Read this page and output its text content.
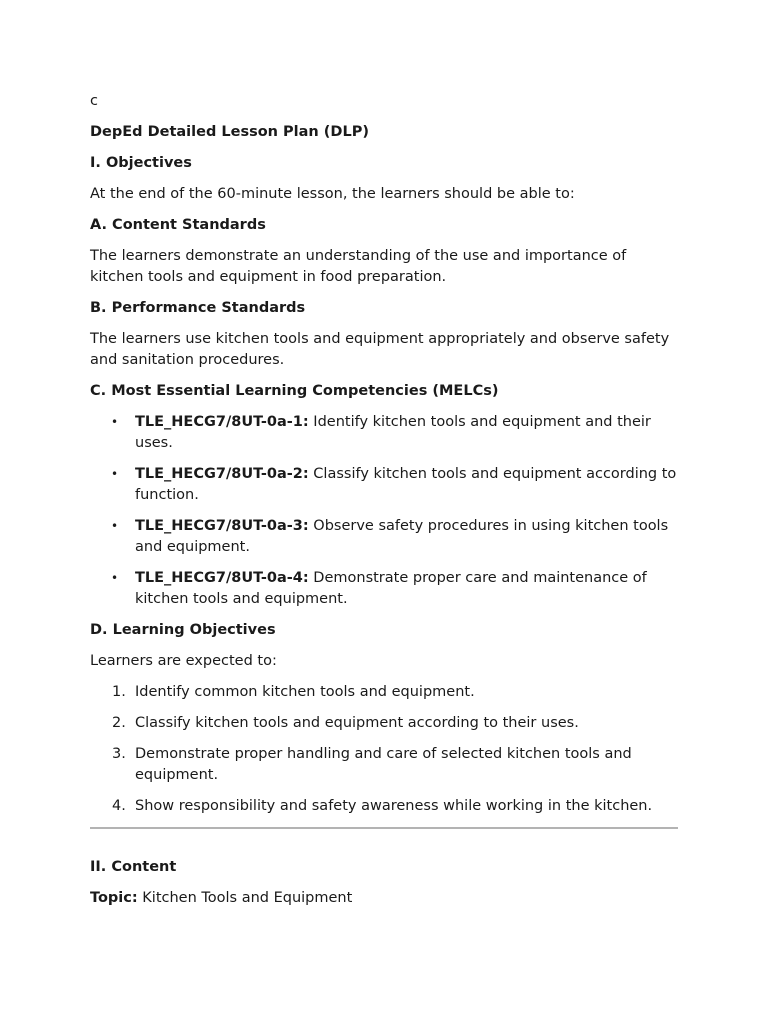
c

DepEd Detailed Lesson Plan (DLP)
I. Objectives

At the end of the 60-minute lesson, the learners should be able to:

A. Content Standards

The learners demonstrate an understanding of the use and importance of kitchen tools and equipment in food preparation.

B. Performance Standards

The learners use kitchen tools and equipment appropriately and observe safety and sanitation procedures.

C. Most Essential Learning Competencies (MELCs)
• TLE_HECG7/8UT-0a-1: Identify kitchen tools and equipment and their uses.
• TLE_HECG7/8UT-0a-2: Classify kitchen tools and equipment according to function.
• TLE_HECG7/8UT-0a-3: Observe safety procedures in using kitchen tools and equipment.
• TLE_HECG7/8UT-0a-4: Demonstrate proper care and maintenance of kitchen tools and equipment.
D. Learning Objectives

Learners are expected to:

1. Identify common kitchen tools and equipment.
2. Classify kitchen tools and equipment according to their uses.
3. Demonstrate proper handling and care of selected kitchen tools and equipment.
4. Show responsibility and safety awareness while working in the kitchen.
II. Content

Topic: Kitchen Tools and Equipment
